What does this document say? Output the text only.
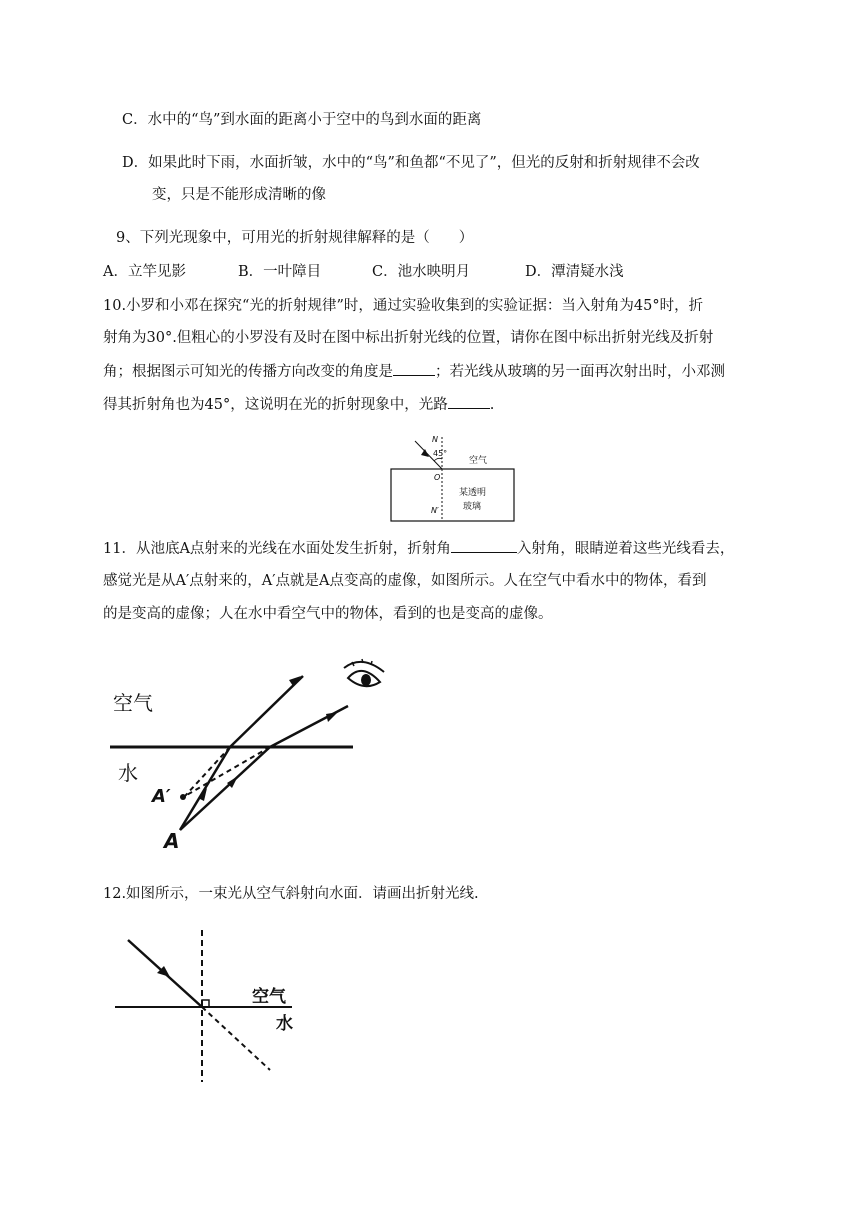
C．水中的“鸟”到水面的距离小于空中的鸟到水面的距离
D．如果此时下雨，水面折皱，水中的“鸟”和鱼都“不见了”，但光的反射和折射规律不会改
变，只是不能形成清晰的像
9、下列光现象中，可用光的折射规律解释的是（　　）
A．立竿见影	B．一叶障目	C．池水映明月	D．潭清疑水浅
10.小罗和小邓在探究“光的折射规律”时，通过实验收集到的实验证据：当入射角为45°时，折
射角为30°.但粗心的小罗没有及时在图中标出折射光线的位置，请你在图中标出折射光线及折射
角；根据图示可知光的传播方向改变的角度是	；若光线从玻璃的另一面再次射出时，小邓测
得其折射角也为45°，这说明在光的折射现象中，光路	.
N
45°
空气
O
某透明
玻璃
N′
11．从池底A点射来的光线在水面处发生折射，折射角	入射角，眼睛逆着这些光线看去，
感觉光是从A′点射来的，A′点就是A点变高的虚像，如图所示。人在空气中看水中的物体，看到
的是变高的虚像；人在水中看空气中的物体，看到的也是变高的虚像。
空气
水
A′
A
12.如图所示，一束光从空气斜射向水面．请画出折射光线.
空气
水
